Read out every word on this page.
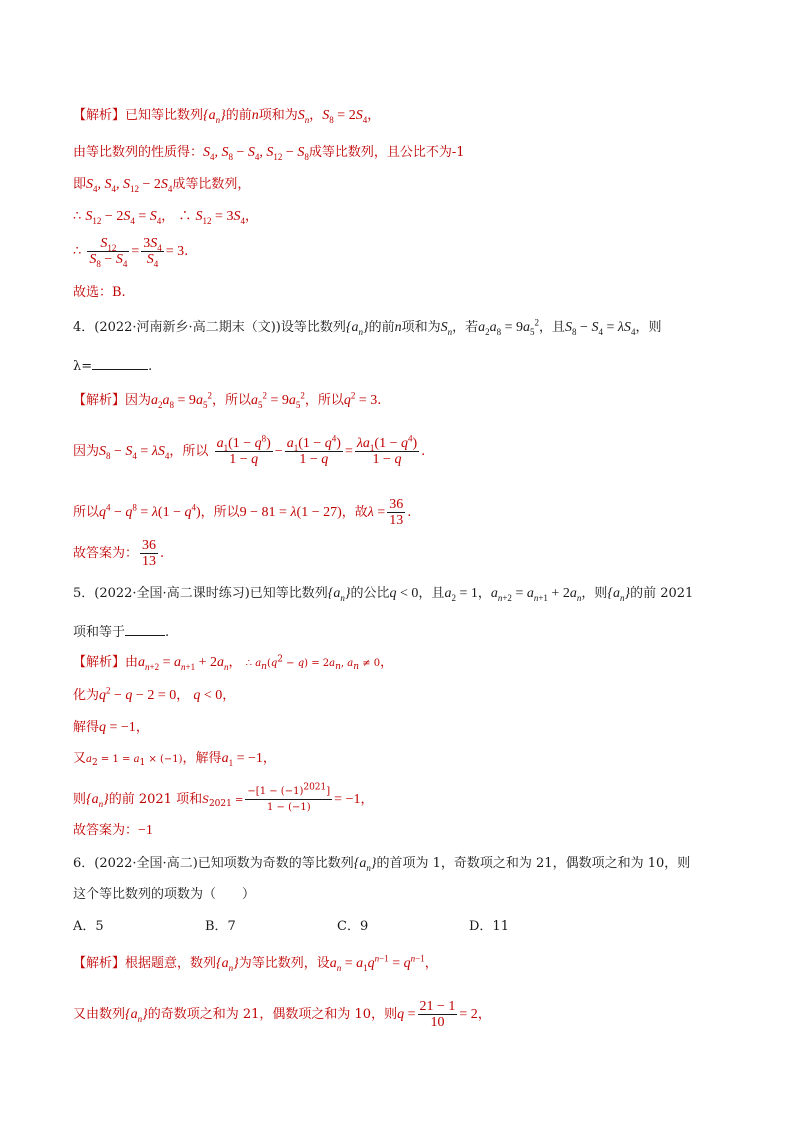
【解析】已知等比数列$\{a_n\}$的前n项和为$S_n$，$S_8 = 2S_4$，
由等比数列的性质得：$S_4$, $S_8 - S_4$, $S_{12} - S_8$成等比数列，且公比不为-1
即$S_4$, $S_4$, $S_{12} - 2S_4$成等比数列，
∴ $S_{12} - 2S_4 = S_4$， ∴ $S_{12} = 3S_4$，
∴ $\frac{S_{12}}{S_8 - S_4} = \frac{3S_4}{S_4} = 3$.
故选：B.
4．(2022·河南新乡·高二期末（文))设等比数列$\{a_n\}$的前n项和为$S_n$，若$a_2a_8 = 9a_5^2$，且$S_8 - S_4 = \lambda S_4$，则
λ=	.
【解析】因为$a_2a_8 = 9a_5^2$，所以$a_5^2 = 9a_5^2$，所以$q^2 = 3$.
因为$S_8 - S_4 = \lambda S_4$，所以 $\frac{a_1(1 - q^8)}{1 - q} - \frac{a_1(1 - q^4)}{1 - q} = \frac{\lambda a_1(1 - q^4)}{1 - q}$ .
所以$q^4 - q^8 = \lambda(1 - q^4)$，所以9 − 81 = λ(1 − 27)，故$\lambda = \frac{36}{13}$ .
故答案为： $\frac{36}{13}$ .
5．(2022·全国·高二课时练习)已知等比数列$\{a_n\}$的公比q < 0，且$a_2 = 1$，$a_{n+2} = a_{n+1} + 2a_n$，则$\{a_n\}$的前 2021
项和等于	.
【解析】由$a_{n+2} = a_{n+1} + 2a_n$， ∴ $a_n(q^2 - q) = 2a_n$, $a_n \ne 0$，
化为$q^2 - q - 2 = 0$， q < 0，
解得q = −1，
又$a_2 = 1 = a_1 \times (-1)$，解得$a_1 = -1$，
则$\{a_n\}$的前 2021 项和$S_{2021} = \frac{-[1 - (-1)^{2021}]}{1 - (-1)} = -1$，
故答案为：−1
6．(2022·全国·高二)已知项数为奇数的等比数列$\{a_n\}$的首项为 1，奇数项之和为 21，偶数项之和为 10，则
这个等比数列的项数为（　　）
A．5	B．7	C．9	D．11
【解析】根据题意，数列$\{a_n\}$为等比数列，设$a_n = a_1q^{n-1} = q^{n-1}$，
又由数列$\{a_n\}$的奇数项之和为 21，偶数项之和为 10，则$q = \frac{21 - 1}{10} = 2$，
